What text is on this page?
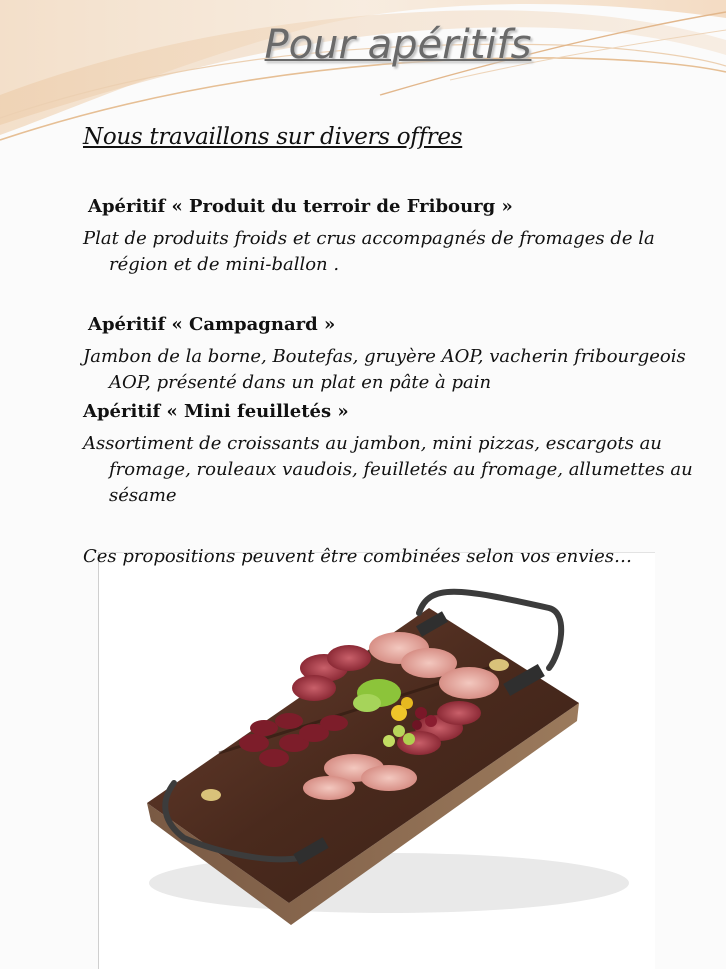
Pour apéritifs
Nous travaillons sur divers offres
Apéritif « Produit du terroir de Fribourg »
Plat de produits froids et crus accompagnés de fromages de la région et de mini-ballon .
Apéritif « Campagnard »
Jambon de la borne, Boutefas, gruyère AOP, vacherin fribourgeois AOP, présenté dans un plat en pâte à pain
Apéritif « Mini feuilletés »
Assortiment de croissants au jambon, mini pizzas, escargots au fromage, rouleaux vaudois, feuilletés au fromage, allumettes au sésame
Ces propositions peuvent être combinées selon vos envies…
